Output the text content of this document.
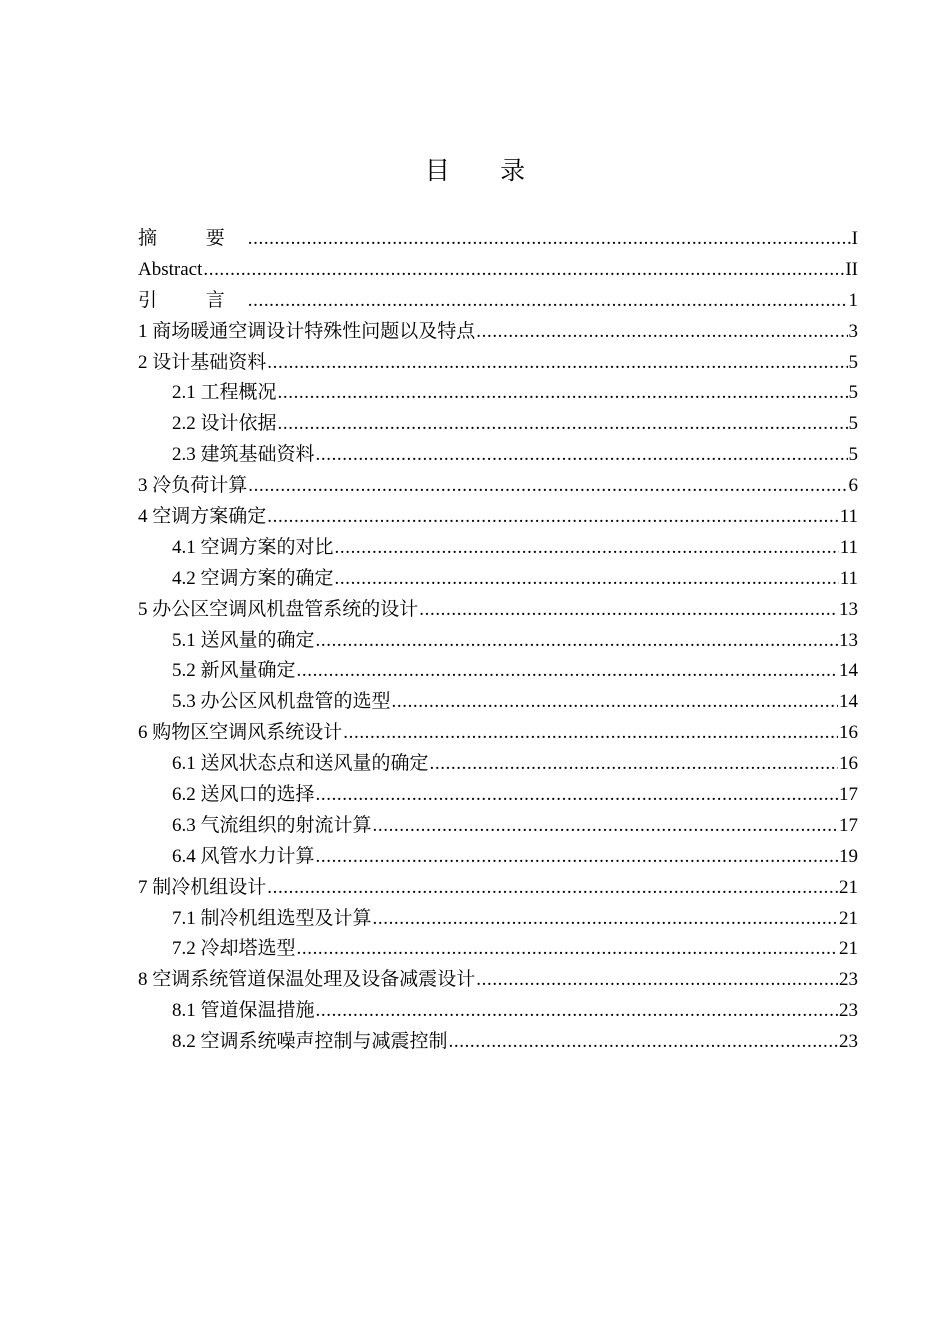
目 录
摘 要 .....	I
Abstract .....	II
引 言 .....	1
1 商场暖通空调设计特殊性问题以及特点 .....	3
2 设计基础资料 .....	5
2.1 工程概况 .....	5
2.2 设计依据 .....	5
2.3 建筑基础资料 .....	5
3 冷负荷计算 .....	6
4 空调方案确定 .....	11
4.1 空调方案的对比 .....	11
4.2 空调方案的确定 .....	11
5 办公区空调风机盘管系统的设计 .....	13
5.1 送风量的确定 .....	13
5.2 新风量确定 .....	14
5.3 办公区风机盘管的选型 .....	14
6 购物区空调风系统设计 .....	16
6.1 送风状态点和送风量的确定 .....	16
6.2 送风口的选择 .....	17
6.3 气流组织的射流计算 .....	17
6.4 风管水力计算 .....	19
7 制冷机组设计 .....	21
7.1 制冷机组选型及计算 .....	21
7.2 冷却塔选型 .....	21
8 空调系统管道保温处理及设备减震设计 .....	23
8.1 管道保温措施 .....	23
8.2 空调系统噪声控制与减震控制 .....	23
